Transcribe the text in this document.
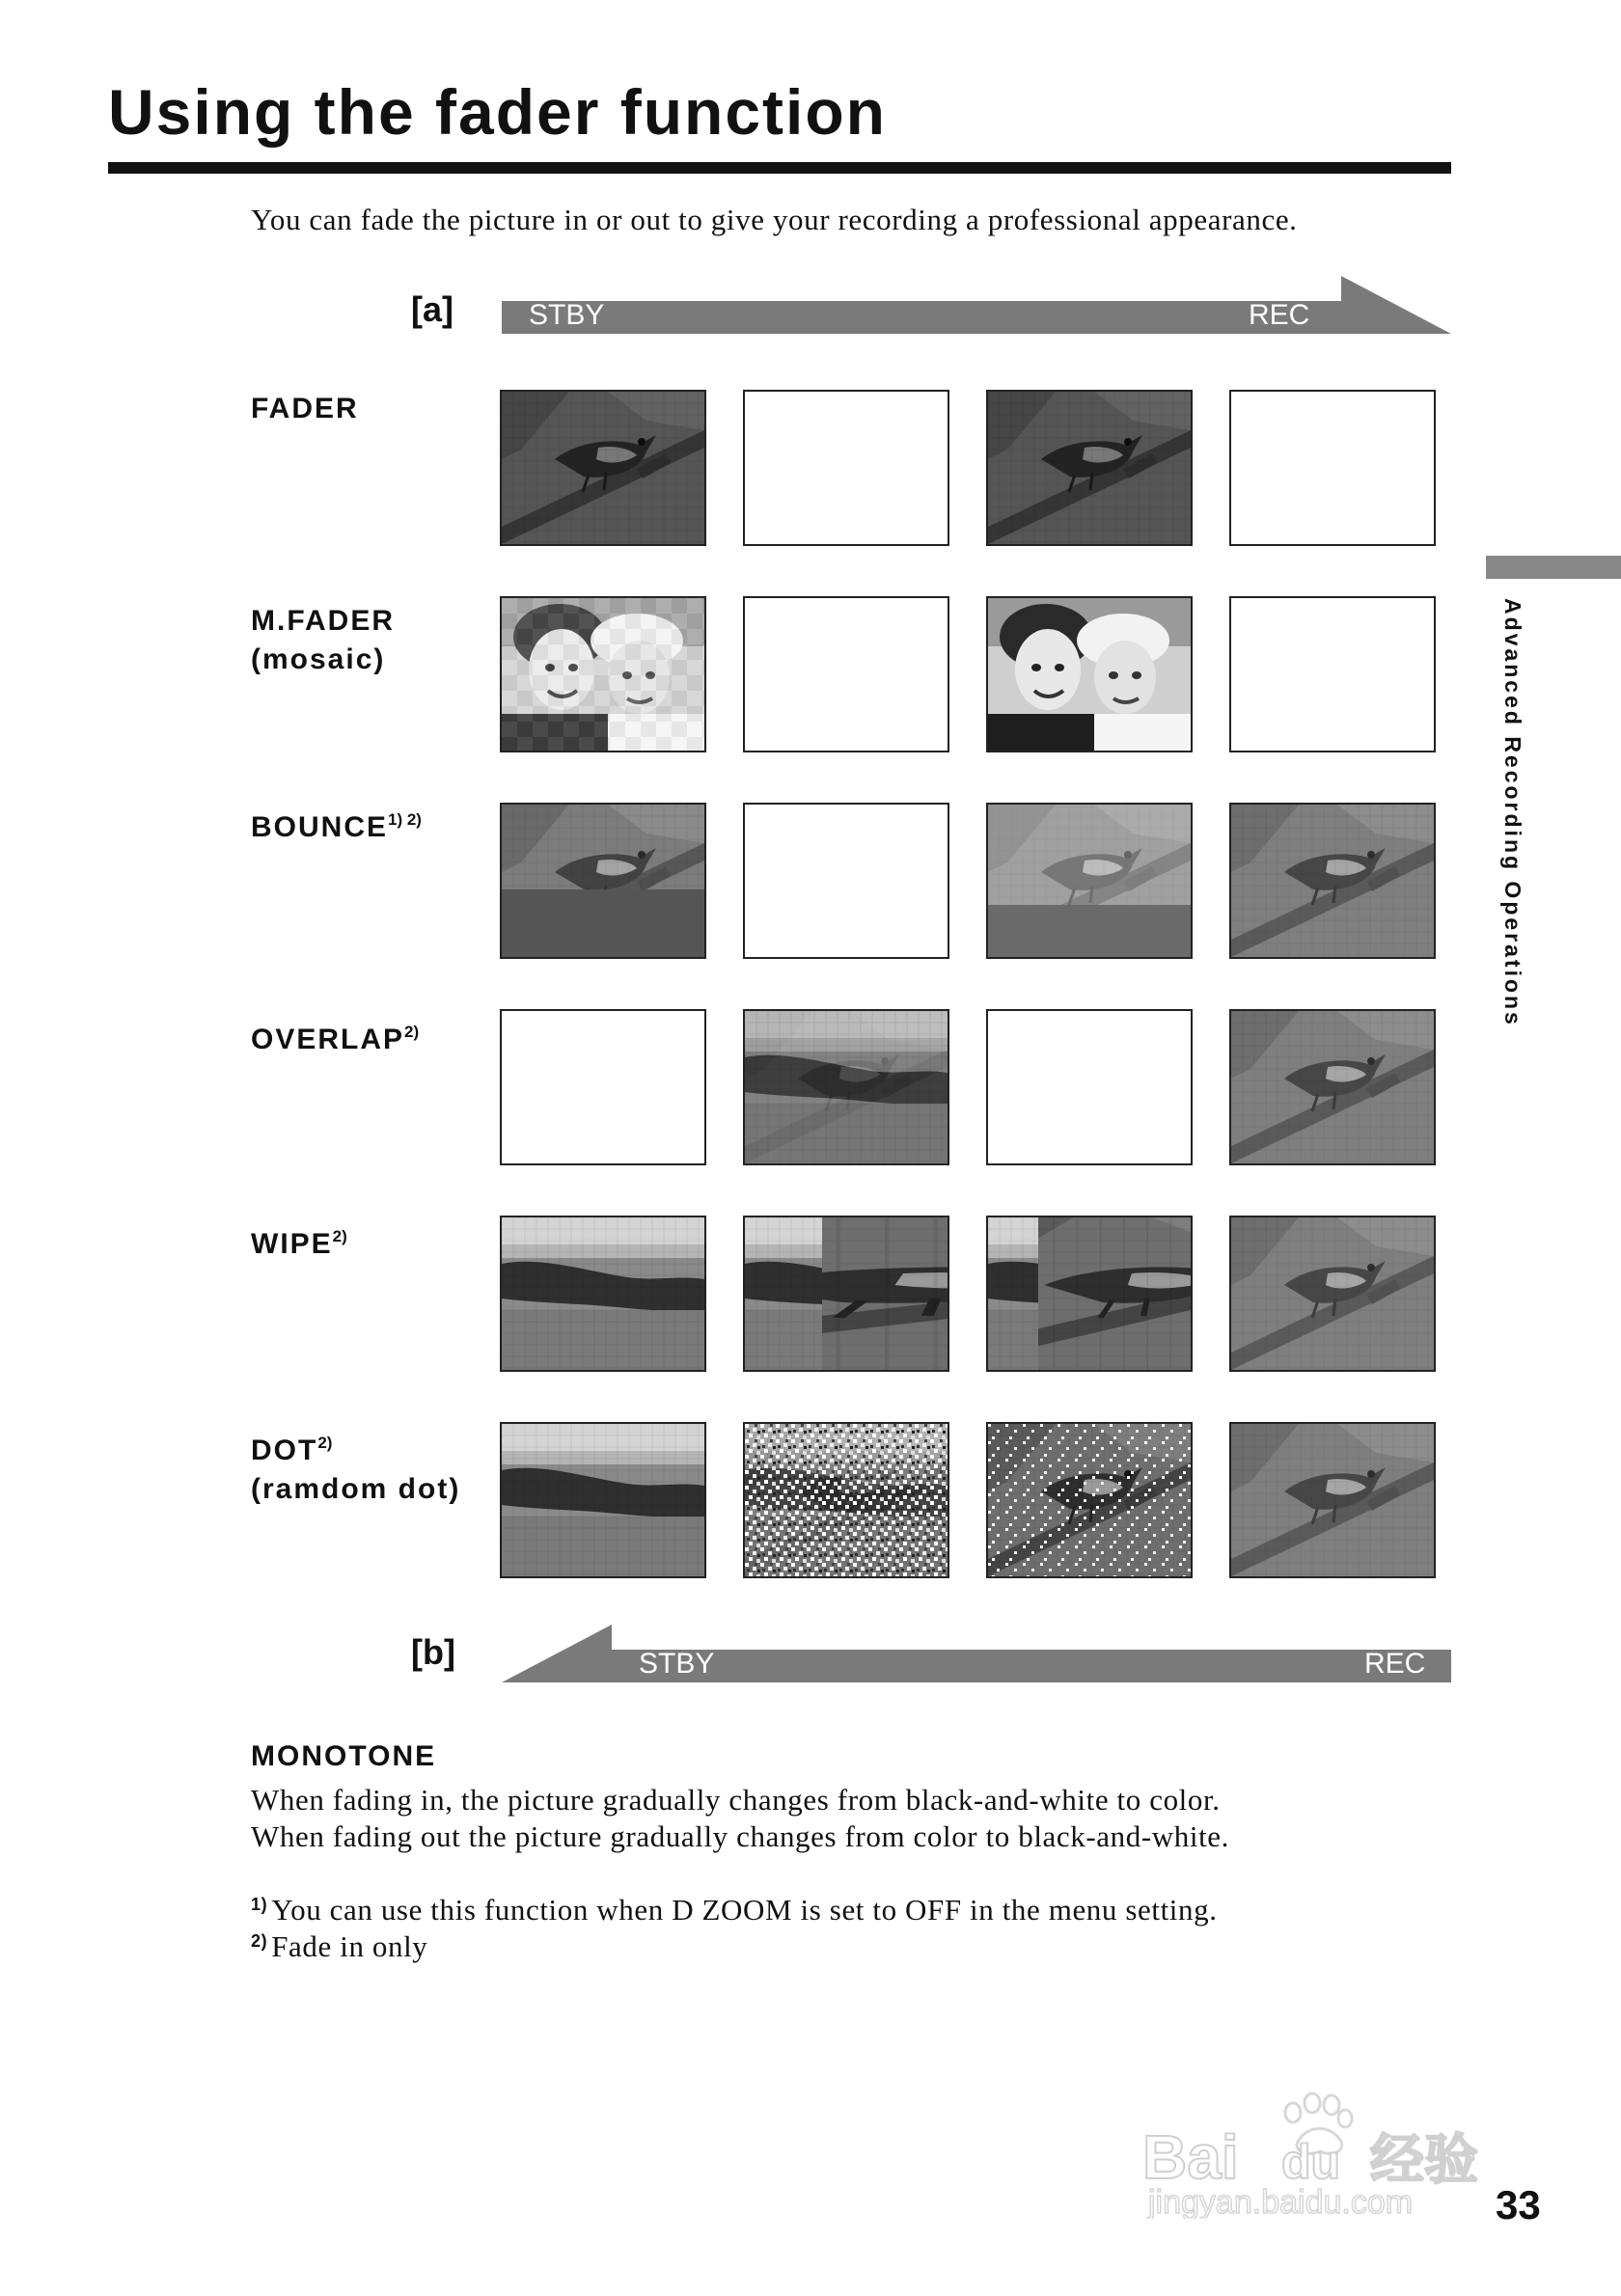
Using the fader function
You can fade the picture in or out to give your recording a professional appearance.
[a]	STBY	REC
FADER
M.FADER
(mosaic)
$BOUNCE^{1) 2)}$
OVERLAP$^{2)}$
WIPE$^{2)}$
DOT$^{2)}$
(ramdom dot)
[b]	STBY	REC
Advanced Recording Operations
MONOTONE
When fading in, the picture gradually changes from black-and-white to color.
When fading out the picture gradually changes from color to black-and-white.
$^{1)}$ You can use this function when D ZOOM is set to OFF in the menu setting.
$^{2)}$ Fade in only
Bai du 经验
jingyan.baidu.com 33
